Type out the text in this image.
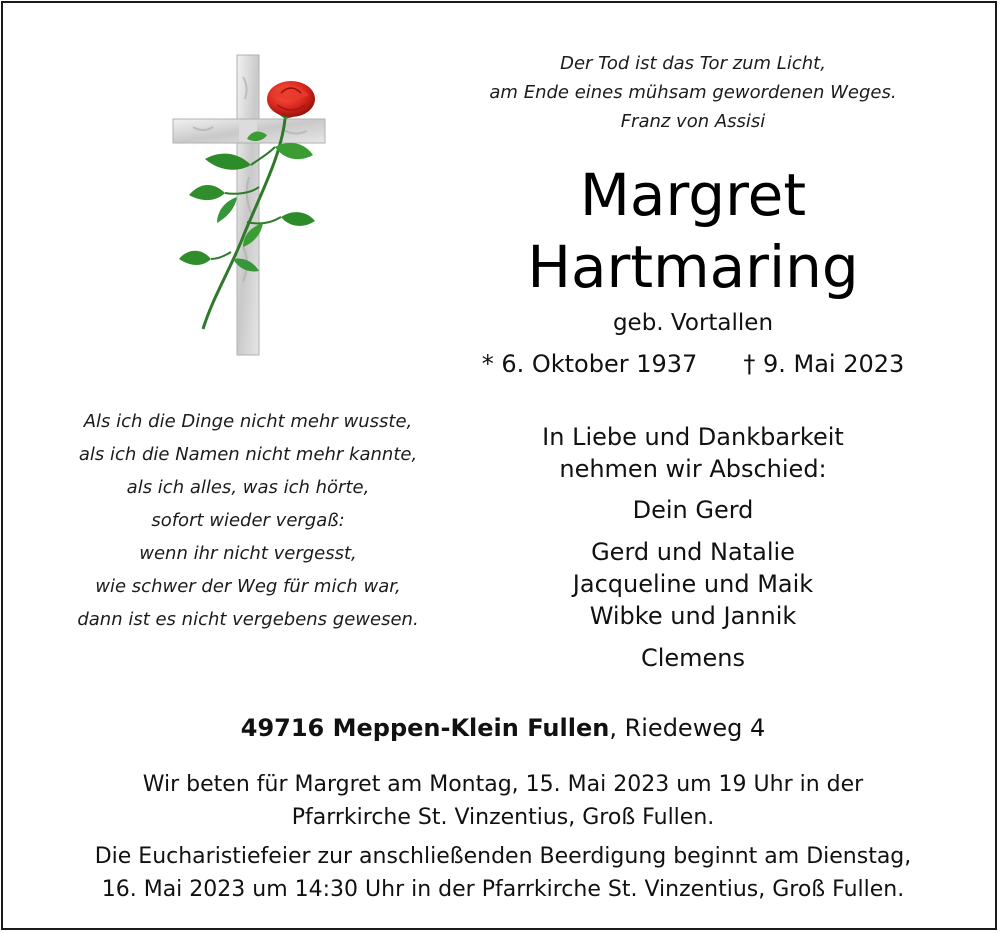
Der Tod ist das Tor zum Licht,
am Ende eines mühsam gewordenen Weges.
Franz von Assisi
Margret
Hartmaring
geb. Vortallen
* 6. Oktober 1937 † 9. Mai 2023
Als ich die Dinge nicht mehr wusste,
als ich die Namen nicht mehr kannte,
als ich alles, was ich hörte,
sofort wieder vergaß:
wenn ihr nicht vergesst,
wie schwer der Weg für mich war,
dann ist es nicht vergebens gewesen.
In Liebe und Dankbarkeit
nehmen wir Abschied:
Dein Gerd
Gerd und Natalie
Jacqueline und Maik
Wibke und Jannik
Clemens
49716 Meppen-Klein Fullen, Riedeweg 4
Wir beten für Margret am Montag, 15. Mai 2023 um 19 Uhr in der
Pfarrkirche St. Vinzentius, Groß Fullen.
Die Eucharistiefeier zur anschließenden Beerdigung beginnt am Dienstag,
16. Mai 2023 um 14:30 Uhr in der Pfarrkirche St. Vinzentius, Groß Fullen.
